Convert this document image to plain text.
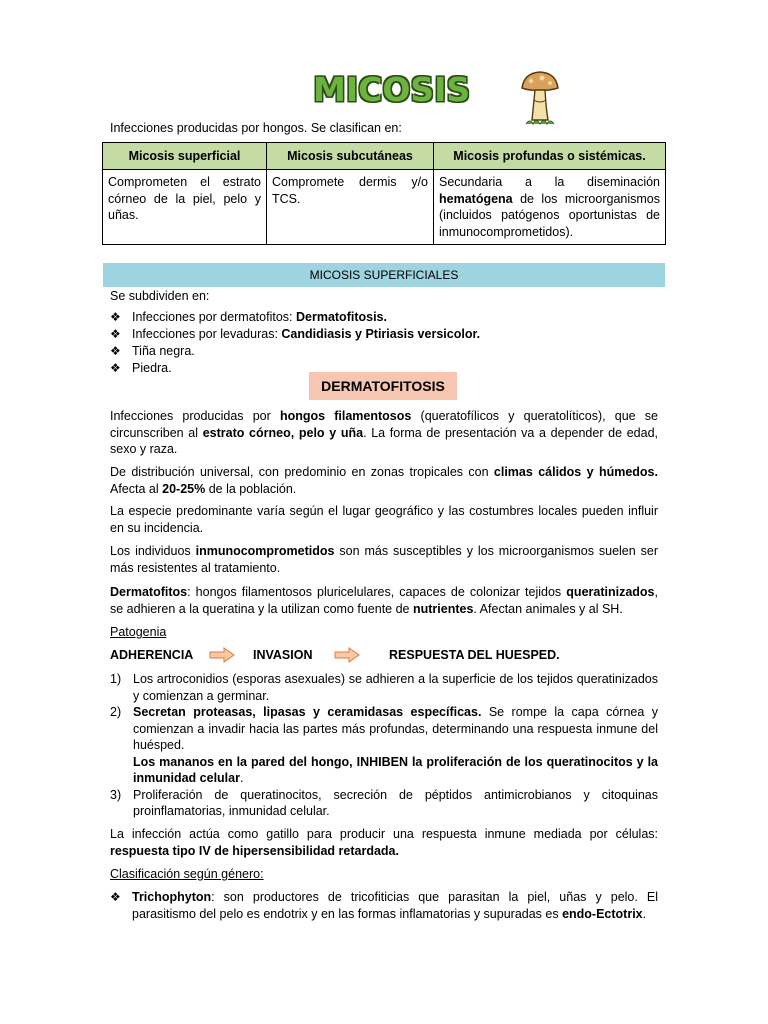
MICOSIS
Infecciones producidas por hongos. Se clasifican en:
Micosis superficial	Micosis subcutáneas	Micosis profundas o sistémicas.
Comprometen el estrato córneo de la piel, pelo y uñas.	Compromete dermis y/o TCS.	Secundaria a la diseminación hematógena de los microorganismos (incluidos patógenos oportunistas de inmunocomprometidos).
MICOSIS SUPERFICIALES
Se subdividen en:
❖ Infecciones por dermatofitos: Dermatofitosis.
❖ Infecciones por levaduras: Candidiasis y Ptiriasis versicolor.
❖ Tiña negra.
❖ Piedra.
DERMATOFITOSIS
Infecciones producidas por hongos filamentosos (queratofílicos y queratolíticos), que se circunscriben al estrato córneo, pelo y uña. La forma de presentación va a depender de edad, sexo y raza.
De distribución universal, con predominio en zonas tropicales con climas cálidos y húmedos. Afecta al 20-25% de la población.
La especie predominante varía según el lugar geográfico y las costumbres locales pueden influir en su incidencia.
Los individuos inmunocomprometidos son más susceptibles y los microorganismos suelen ser más resistentes al tratamiento.
Dermatofitos: hongos filamentosos pluricelulares, capaces de colonizar tejidos queratinizados, se adhieren a la queratina y la utilizan como fuente de nutrientes. Afectan animales y al SH.
Patogenia
ADHERENCIA	INVASION	RESPUESTA DEL HUESPED.
1) Los artroconidios (esporas asexuales) se adhieren a la superficie de los tejidos queratinizados y comienzan a germinar.
2) Secretan proteasas, lipasas y ceramidasas específicas. Se rompe la capa córnea y comienzan a invadir hacia las partes más profundas, determinando una respuesta inmune del huésped.
Los mananos en la pared del hongo, INHIBEN la proliferación de los queratinocitos y la inmunidad celular.
3) Proliferación de queratinocitos, secreción de péptidos antimicrobianos y citoquinas proinflamatorias, inmunidad celular.
La infección actúa como gatillo para producir una respuesta inmune mediada por células: respuesta tipo IV de hipersensibilidad retardada.
Clasificación según género:
❖ Trichophyton: son productores de tricofiticias que parasitan la piel, uñas y pelo. El parasitismo del pelo es endotrix y en las formas inflamatorias y supuradas es endo-Ectotrix.
